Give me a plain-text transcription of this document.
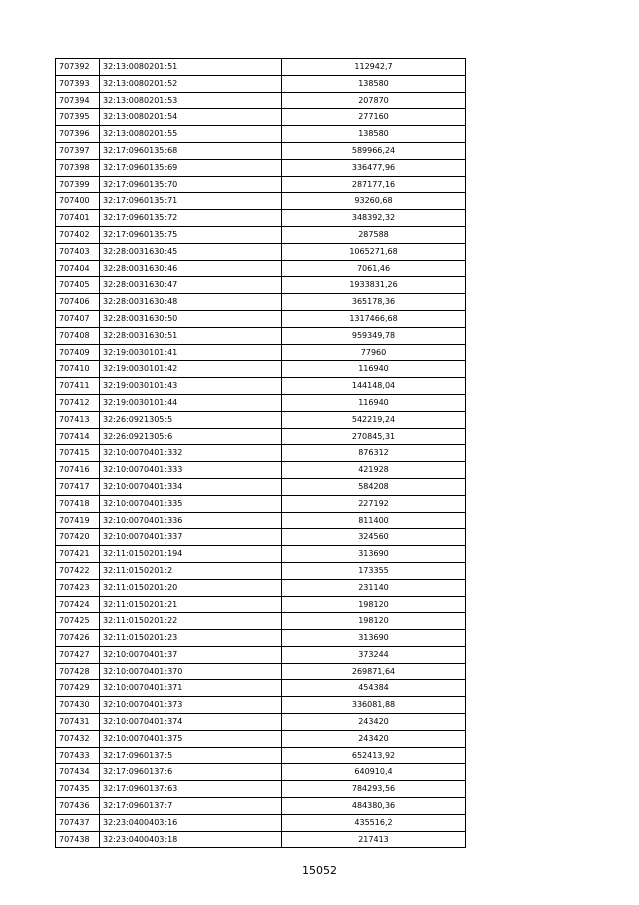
707392	32:13:0080201:51	112942,7
707393	32:13:0080201:52	138580
707394	32:13:0080201:53	207870
707395	32:13:0080201:54	277160
707396	32:13:0080201:55	138580
707397	32:17:0960135:68	589966,24
707398	32:17:0960135:69	336477,96
707399	32:17:0960135:70	287177,16
707400	32:17:0960135:71	93260,68
707401	32:17:0960135:72	348392,32
707402	32:17:0960135:75	287588
707403	32:28:0031630:45	1065271,68
707404	32:28:0031630:46	7061,46
707405	32:28:0031630:47	1933831,26
707406	32:28:0031630:48	365178,36
707407	32:28:0031630:50	1317466,68
707408	32:28:0031630:51	959349,78
707409	32:19:0030101:41	77960
707410	32:19:0030101:42	116940
707411	32:19:0030101:43	144148,04
707412	32:19:0030101:44	116940
707413	32:26:0921305:5	542219,24
707414	32:26:0921305:6	270845,31
707415	32:10:0070401:332	876312
707416	32:10:0070401:333	421928
707417	32:10:0070401:334	584208
707418	32:10:0070401:335	227192
707419	32:10:0070401:336	811400
707420	32:10:0070401:337	324560
707421	32:11:0150201:194	313690
707422	32:11:0150201:2	173355
707423	32:11:0150201:20	231140
707424	32:11:0150201:21	198120
707425	32:11:0150201:22	198120
707426	32:11:0150201:23	313690
707427	32:10:0070401:37	373244
707428	32:10:0070401:370	269871,64
707429	32:10:0070401:371	454384
707430	32:10:0070401:373	336081,88
707431	32:10:0070401:374	243420
707432	32:10:0070401:375	243420
707433	32:17:0960137:5	652413,92
707434	32:17:0960137:6	640910,4
707435	32:17:0960137:63	784293,56
707436	32:17:0960137:7	484380,36
707437	32:23:0400403:16	435516,2
707438	32:23:0400403:18	217413
15052
